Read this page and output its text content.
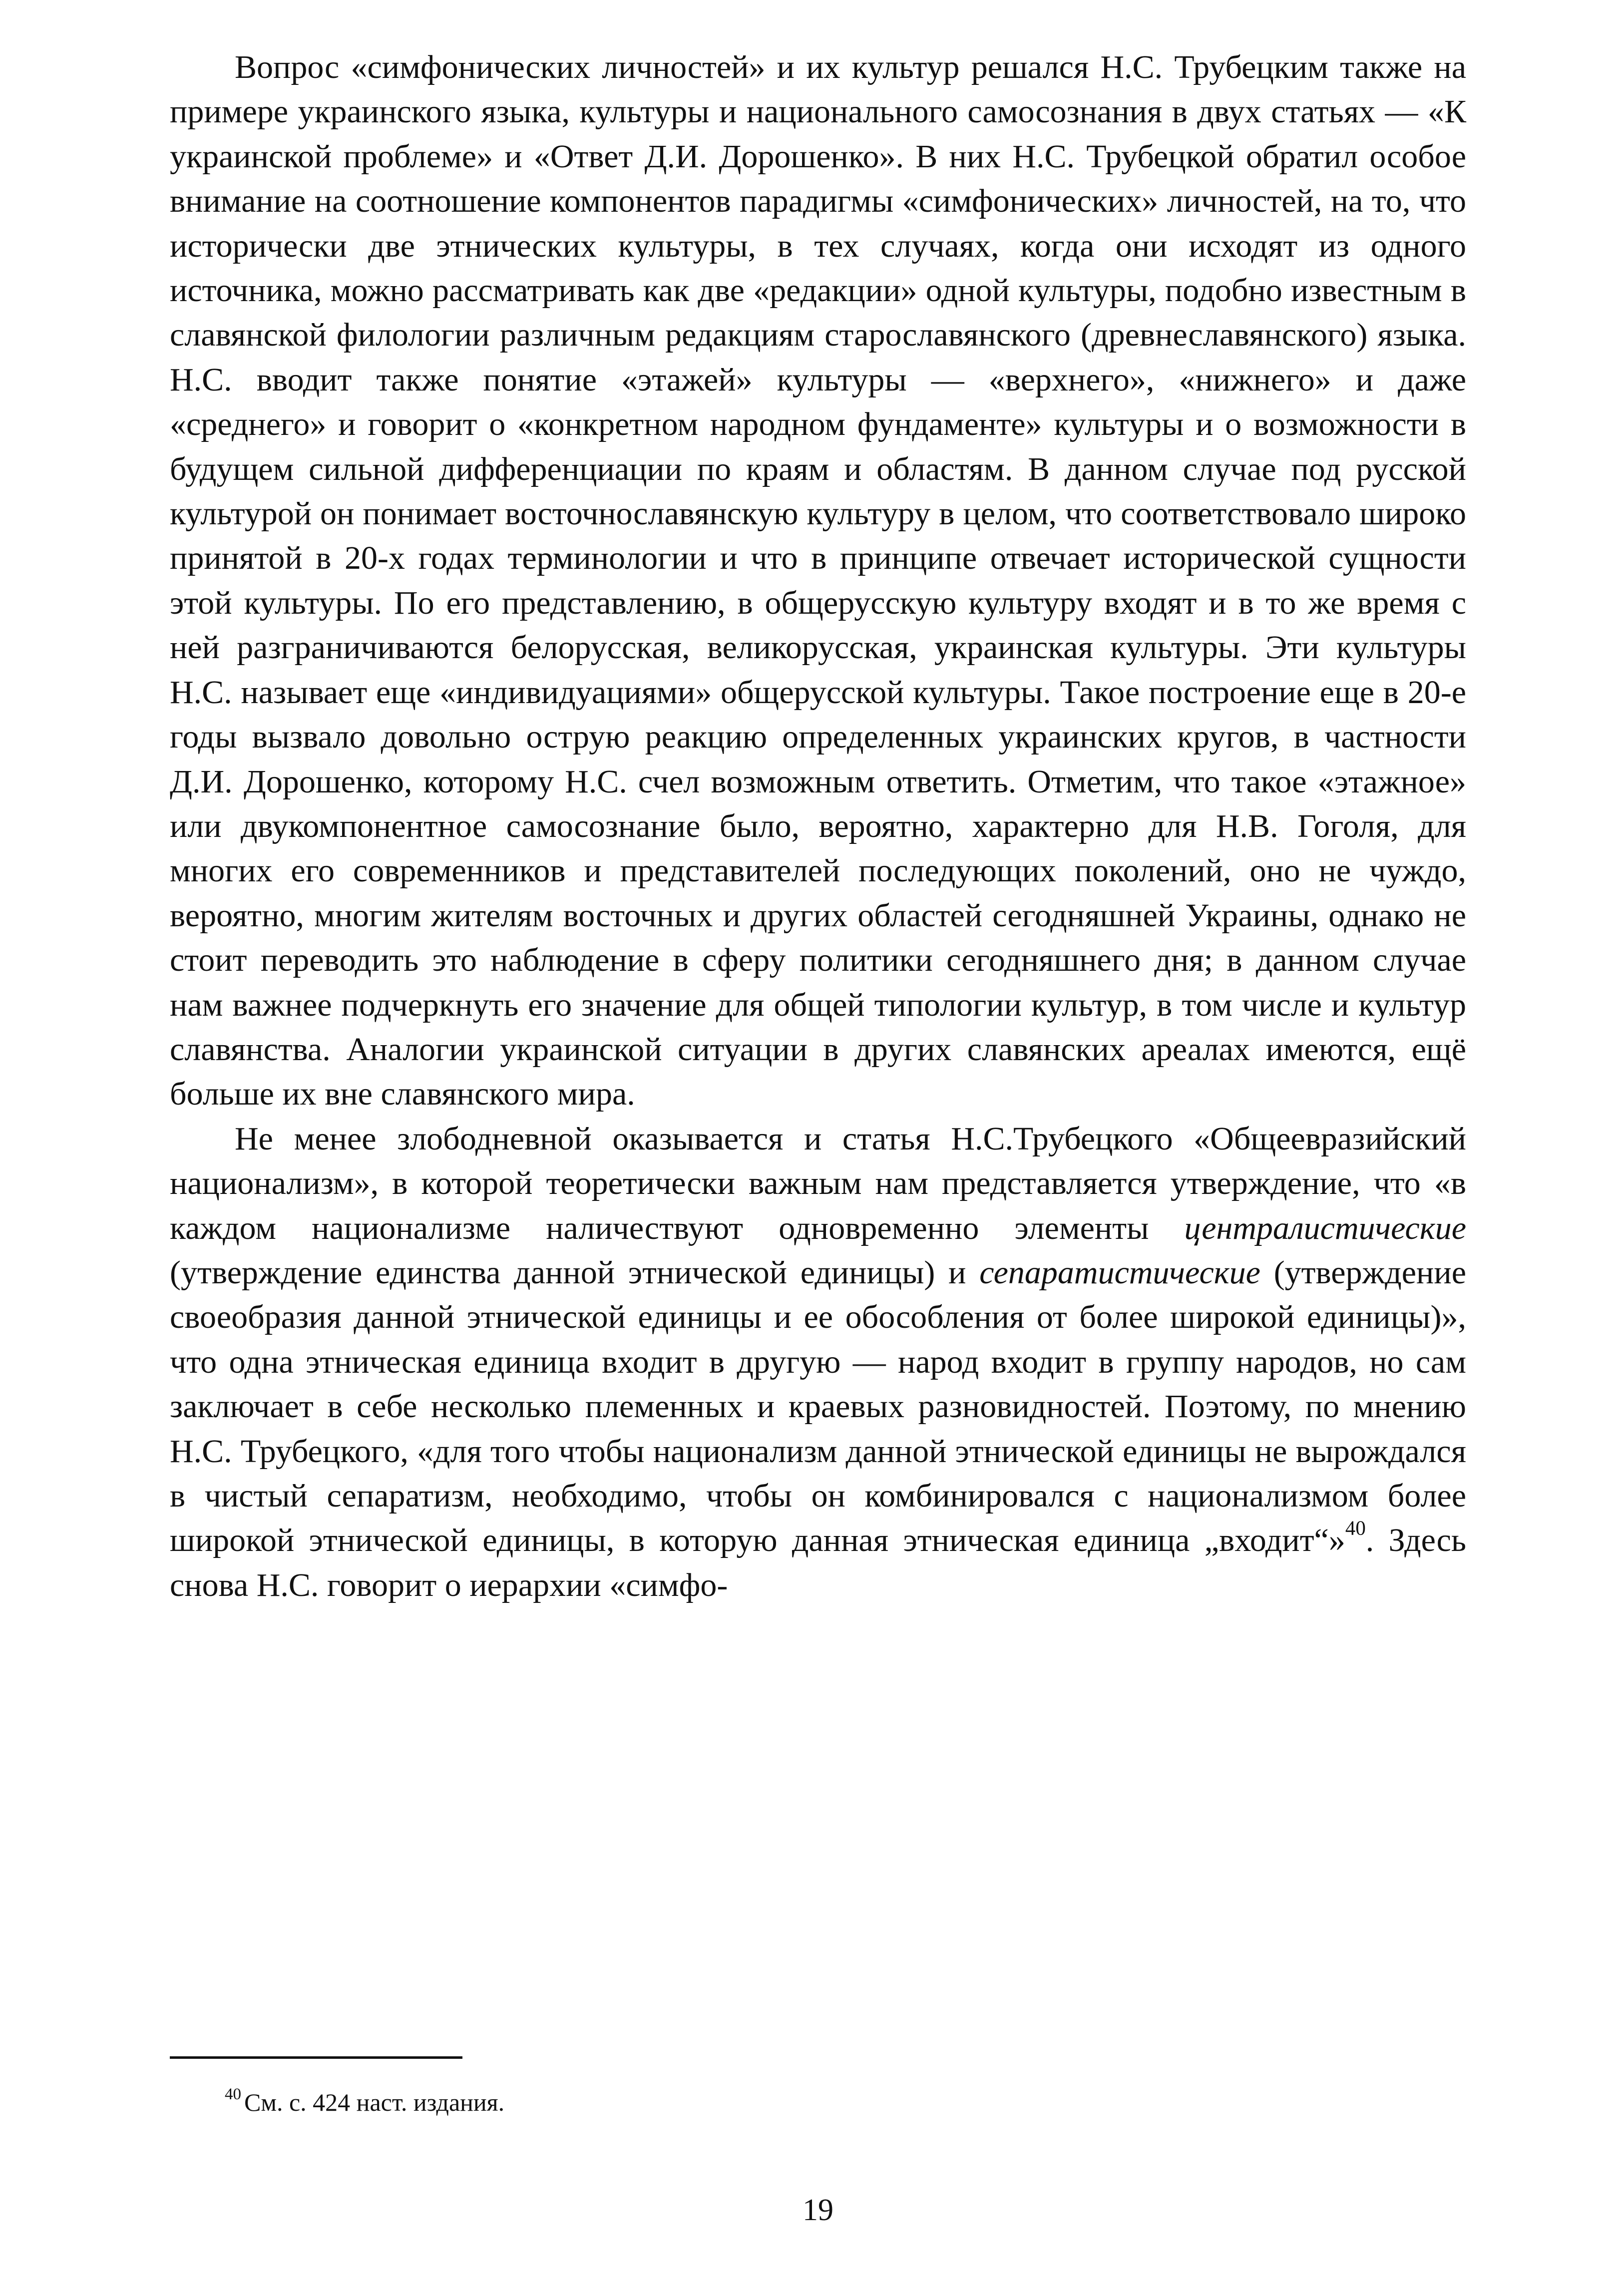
Вопрос «симфонических личностей» и их культур решался Н.С. Трубецким также на примере украинского языка, культуры и национального самосознания в двух статьях — «К украинской проблеме» и «Ответ Д.И. Дорошенко». В них Н.С. Трубецкой обратил особое внимание на соотношение компонентов парадигмы «симфонических» личностей, на то, что исторически две этнических культуры, в тех случаях, когда они исходят из одного источника, можно рассматривать как две «редакции» одной культуры, подобно известным в славянской филологии различным редакциям старославянского (древнеславянского) языка. Н.С. вводит также понятие «этажей» культуры — «верхнего», «нижнего» и даже «среднего» и говорит о «конкретном народном фундаменте» культуры и о возможности в будущем сильной дифференциации по краям и областям. В данном случае под русской культурой он понимает восточнославянскую культуру в целом, что соответствовало широко принятой в 20-х годах терминологии и что в принципе отвечает исторической сущности этой культуры. По его представлению, в общерусскую культуру входят и в то же время с ней разграничиваются белорусская, великорусская, украинская культуры. Эти культуры Н.С. называет еще «индивидуациями» общерусской культуры. Такое построение еще в 20-е годы вызвало довольно острую реакцию определенных украинских кругов, в частности Д.И. Дорошенко, которому Н.С. счел возможным ответить. Отметим, что такое «этажное» или двукомпонентное самосознание было, вероятно, характерно для Н.В. Гоголя, для многих его современников и представителей последующих поколений, оно не чуждо, вероятно, многим жителям восточных и других областей сегодняшней Украины, однако не стоит переводить это наблюдение в сферу политики сегодняшнего дня; в данном случае нам важнее подчеркнуть его значение для общей типологии культур, в том числе и культур славянства. Аналогии украинской ситуации в других славянских ареалах имеются, ещё больше их вне славянского мира.

Не менее злободневной оказывается и статья Н.С.Трубецкого «Общеевразийский национализм», в которой теоретически важным нам представляется утверждение, что «в каждом национализме наличествуют одновременно элементы централистические (утверждение единства данной этнической единицы) и сепаратистические (утверждение своеобразия данной этнической единицы и ее обособления от более широкой единицы)», что одна этническая единица входит в другую — народ входит в группу народов, но сам заключает в себе несколько племенных и краевых разновидностей. Поэтому, по мнению Н.С. Трубецкого, «для того чтобы национализм данной этнической единицы не вырождался в чистый сепаратизм, необходимо, чтобы он комбинировался с национализмом более широкой этнической единицы, в которую данная этническая единица „входит“»$^{40}$. Здесь снова Н.С. говорит о иерархии «симфо-

$^{40}$ См. с. 424 наст. издания.

19
